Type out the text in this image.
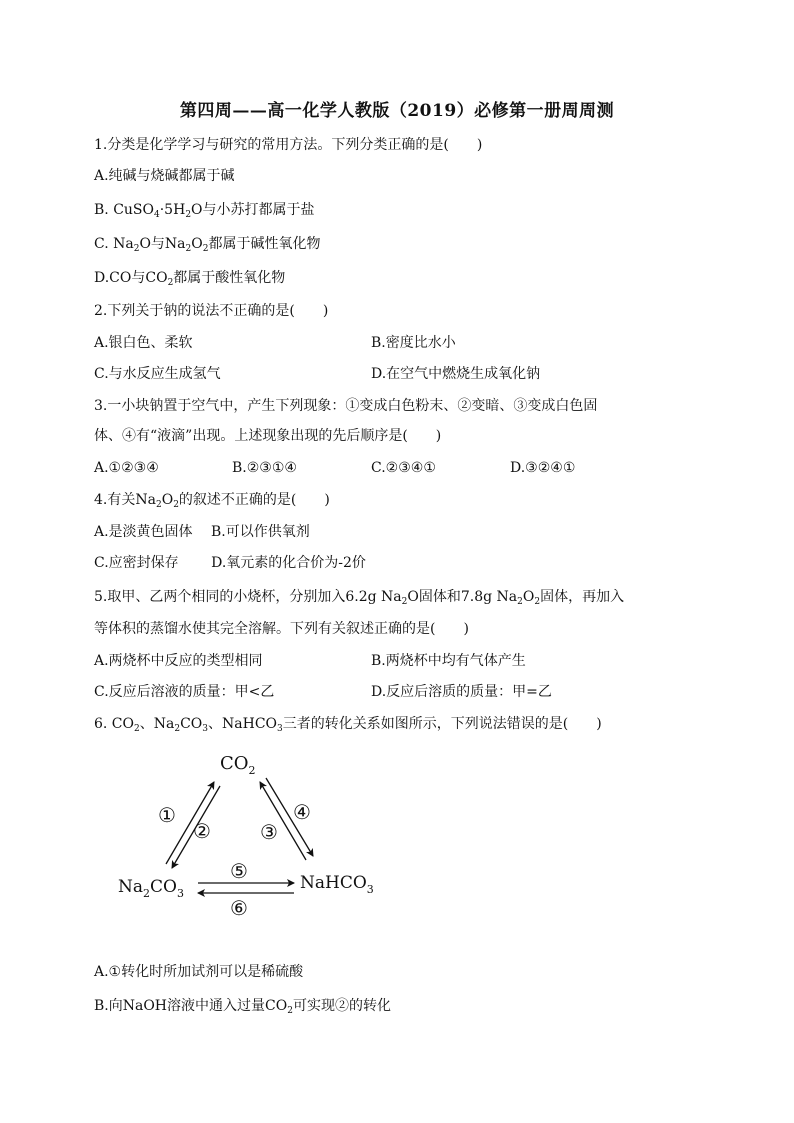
第四周——高一化学人教版（2019）必修第一册周周测
1.分类是化学学习与研究的常用方法。下列分类正确的是(　　)
A.纯碱与烧碱都属于碱
B. $CuSO_4\cdot 5H_2O$与小苏打都属于盐
C. $Na_2O$与$Na_2O_2$都属于碱性氧化物
D.CO与$CO_2$都属于酸性氧化物
2.下列关于钠的说法不正确的是(　　)
A.银白色、柔软	B.密度比水小
C.与水反应生成氢气	D.在空气中燃烧生成氧化钠
3.一小块钠置于空气中，产生下列现象：①变成白色粉末、②变暗、③变成白色固
体、④有“液滴”出现。上述现象出现的先后顺序是(　　)
A.①②③④	B.②③①④	C.②③④①	D.③②④①
4.有关$Na_2O_2$的叙述不正确的是(　　)
A.是淡黄色固体　 B.可以作供氧剂
C.应密封保存　　 D.氧元素的化合价为-2价
5.取甲、乙两个相同的小烧杯，分别加入6.2g $Na_2O$固体和7.8g $Na_2O_2$固体，再加入
等体积的蒸馏水使其完全溶解。下列有关叙述正确的是(　　)
A.两烧杯中反应的类型相同	B.两烧杯中均有气体产生
C.反应后溶液的质量：甲<乙	D.反应后溶质的质量：甲=乙
6. $CO_2$、$Na_2CO_3$、NaHCO$_3$三者的转化关系如图所示，下列说法错误的是(　　)
$CO_2$
$Na_2CO_3$
NaHCO$_3$
①
② ③
④
⑤
⑥
A.①转化时所加试剂可以是稀硫酸
B.向NaOH溶液中通入过量$CO_2$可实现②的转化
